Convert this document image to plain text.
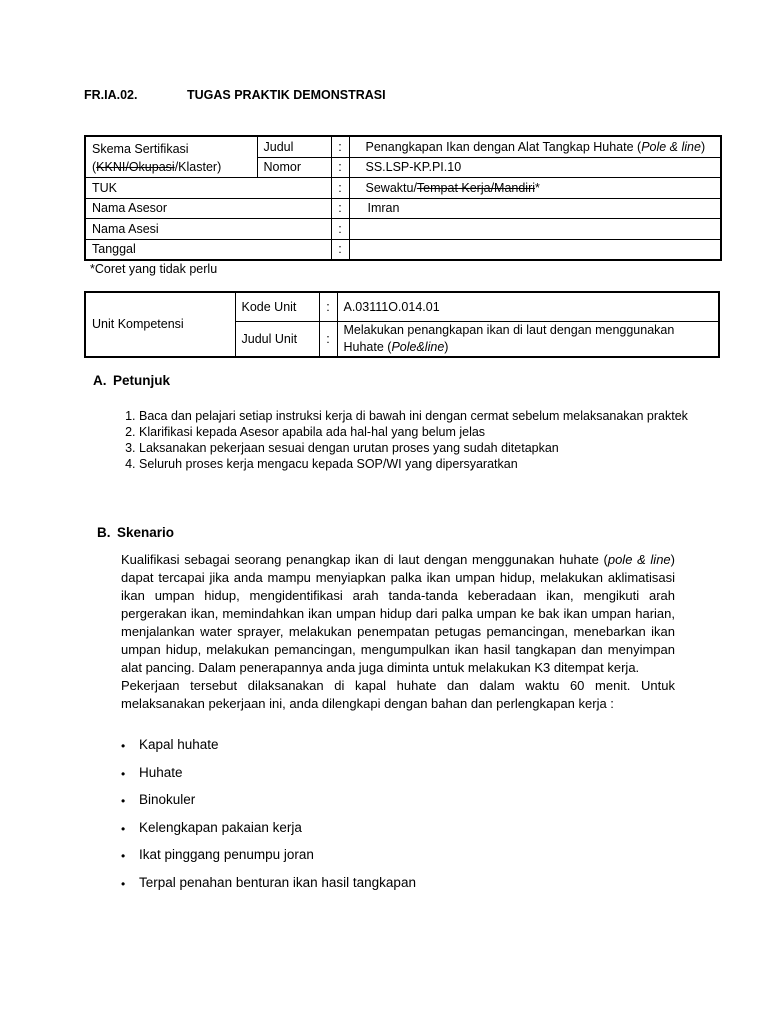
FR.IA.02.	TUGAS PRAKTIK DEMONSTRASI
Skema Sertifikasi
(KKNI/Okupasi/Klaster)	Judul	:	Penangkapan Ikan dengan Alat Tangkap Huhate (Pole & line)
	Nomor	:	SS.LSP-KP.PI.10
TUK		:	Sewaktu/Tempat Kerja/Mandiri*
Nama Asesor		:	Imran
Nama Asesi		:	
Tanggal		:	
*Coret yang tidak perlu
Unit Kompetensi	Kode Unit	:	A.03111O.014.01
	Judul Unit	:	Melakukan penangkapan ikan di laut dengan menggunakan
Huhate (Pole&line)
A. Petunjuk
1. Baca dan pelajari setiap instruksi kerja di bawah ini dengan cermat sebelum melaksanakan praktek
2. Klarifikasi kepada Asesor apabila ada hal-hal yang belum jelas
3. Laksanakan pekerjaan sesuai dengan urutan proses yang sudah ditetapkan
4. Seluruh proses kerja mengacu kepada SOP/WI yang dipersyaratkan
B. Skenario

Kualifikasi sebagai seorang penangkap ikan di laut dengan menggunakan huhate (pole & line) dapat tercapai jika anda mampu menyiapkan palka ikan umpan hidup, melakukan aklimatisasi ikan umpan hidup, mengidentifikasi arah tanda-tanda keberadaan ikan, mengikuti arah pergerakan ikan, memindahkan ikan umpan hidup dari palka umpan ke bak ikan umpan harian, menjalankan water sprayer, melakukan penempatan petugas pemancingan, menebarkan ikan umpan hidup, melakukan pemancingan, mengumpulkan ikan hasil tangkapan dan menyimpan alat pancing. Dalam penerapannya anda juga diminta untuk melakukan K3 ditempat kerja.

Pekerjaan tersebut dilaksanakan di kapal huhate dan dalam waktu 60 menit. Untuk melaksanakan pekerjaan ini, anda dilengkapi dengan bahan dan perlengkapan kerja :

•	Kapal huhate
•	Huhate
•	Binokuler
•	Kelengkapan pakaian kerja
•	Ikat pinggang penumpu joran
•	Terpal penahan benturan ikan hasil tangkapan
